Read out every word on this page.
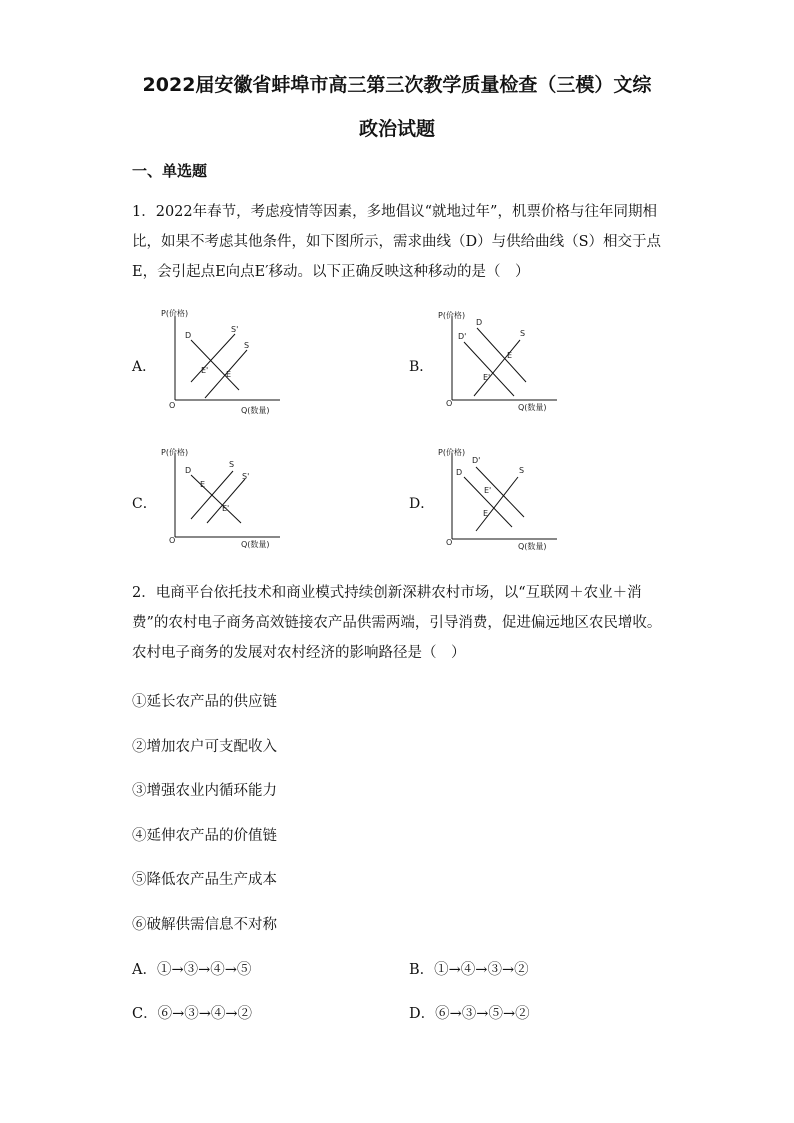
2022届安徽省蚌埠市高三第三次教学质量检查（三模）文综
政治试题
一、单选题
1．2022年春节，考虑疫情等因素，多地倡议“就地过年”，机票价格与往年同期相比，如果不考虑其他条件，如下图所示，需求曲线（D）与供给曲线（S）相交于点E，会引起点E向点E′移动。以下正确反映这种移动的是（　）
A．
P(价格)
Q(数量)
O
D
S'
S
E' E	B．
P(价格)
Q(数量)
O
D
D'	S
E
E'
C．
P(价格)
Q(数量)
O
D
S
S'
E
E'	D．
P(价格)
Q(数量)
O
D
D'
S
E'
E
2．电商平台依托技术和商业模式持续创新深耕农村市场，以“互联网＋农业＋消费”的农村电子商务高效链接农产品供需两端，引导消费，促进偏远地区农民增收。农村电子商务的发展对农村经济的影响路径是（　）
①延长农产品的供应链
②增加农户可支配收入
③增强农业内循环能力
④延伸农产品的价值链
⑤降低农产品生产成本
⑥破解供需信息不对称
A．①→③→④→⑤	B．①→④→③→②
C．⑥→③→④→②	D．⑥→③→⑤→②
